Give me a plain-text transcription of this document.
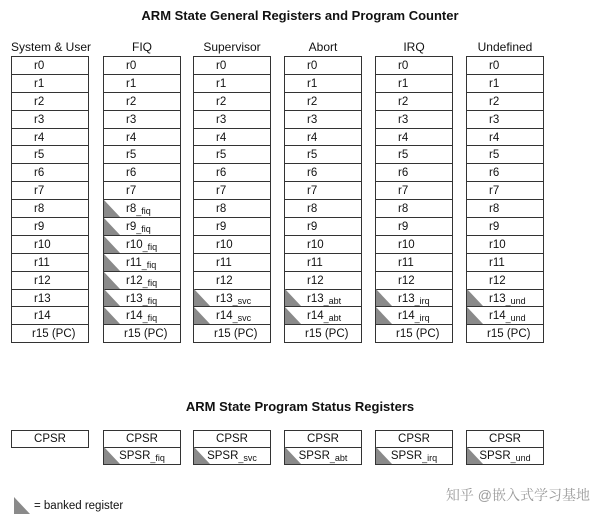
ARM State General Registers and Program Counter
System & User
r0
r1
r2
r3
r4
r5
r6
r7
r8
r9
r10
r11
r12
r13
r14
r15 (PC)
FIQ
r0
r1
r2
r3
r4
r5
r6
r7
r8_fiq
r9_fiq
r10_fiq
r11_fiq
r12_fiq
r13_fiq
r14_fiq
r15 (PC)
Supervisor
r0
r1
r2
r3
r4
r5
r6
r7
r8
r9
r10
r11
r12
r13_svc
r14_svc
r15 (PC)
Abort
r0
r1
r2
r3
r4
r5
r6
r7
r8
r9
r10
r11
r12
r13_abt
r14_abt
r15 (PC)
IRQ
r0
r1
r2
r3
r4
r5
r6
r7
r8
r9
r10
r11
r12
r13_irq
r14_irq
r15 (PC)
Undefined
r0
r1
r2
r3
r4
r5
r6
r7
r8
r9
r10
r11
r12
r13_und
r14_und
r15 (PC)
ARM State Program Status Registers
CPSR	CPSR
SPSR_fiq
CPSR
SPSR_svc
CPSR
SPSR_abt
CPSR
SPSR_irq
CPSR
SPSR_und
= banked register
知乎 @嵌入式学习基地
